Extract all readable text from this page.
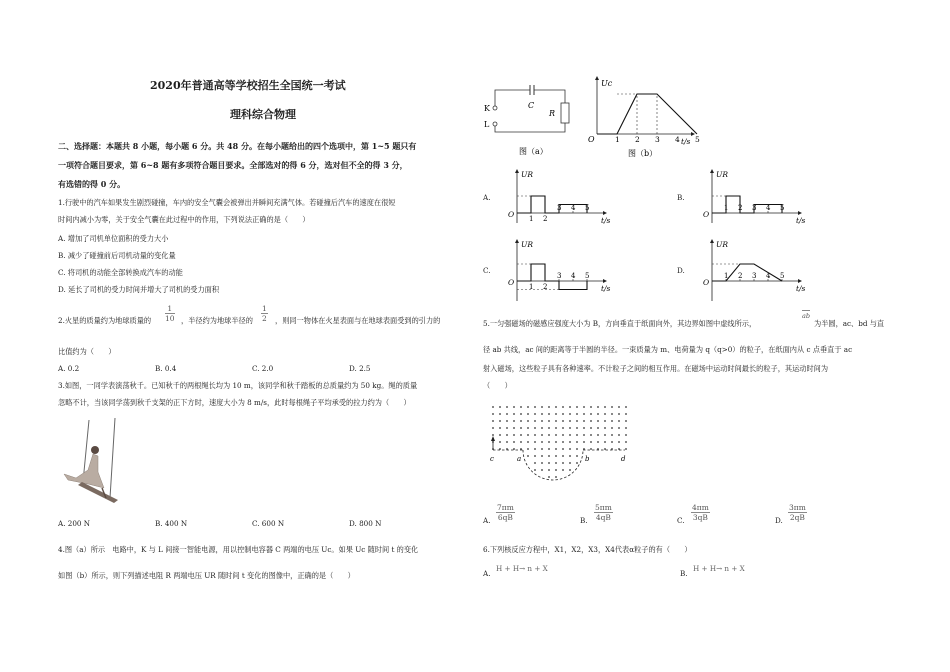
2020年普通高等学校招生全国统一考试
理科综合物理
二、选择题：本题共 8 小题，每小题 6 分。共 48 分。在每小题给出的四个选项中，第 1~5 题只有
一项符合题目要求，第 6~8 题有多项符合题目要求。全部选对的得 6 分，选对但不全的得 3 分，
有选错的得 0 分。
1.行驶中的汽车如果发生剧烈碰撞，车内的安全气囊会被弹出并瞬间充满气体。若碰撞后汽车的速度在很短
时间内减小为零，关于安全气囊在此过程中的作用，下列说法正确的是（　　）
A. 增加了司机单位面积的受力大小
B. 减少了碰撞前后司机动量的变化量
C. 将司机的动能全部转换成汽车的动能
D. 延长了司机的受力时间并增大了司机的受力面积
2.火星的质量约为地球质量的 $\frac{1}{10}$ ，半径约为地球半径的 $\frac{1}{2}$ ，则同一物体在火星表面与在地球表面受到的引力的
比值约为（　　）
A. 0.2	B. 0.4	C. 2.0	D. 2.5
3.如图，一同学表演荡秋千。已知秋千的两根绳长均为 10 m，该同学和秋千踏板的总质量约为 50 kg。绳的质量
忽略不计，当该同学荡到秋千支架的正下方时，速度大小为 8 m/s，此时每根绳子平均承受的拉力约为（　　）
A. 200 N	B. 400 N	C. 600 N	D. 800 N
4.图（a）所示　电路中，K 与 L 间接一智能电源，用以控制电容器 C 两端的电压 Uc。如果 Uc 随时间 t 的变化
如图（b）所示，则下列描述电阻 R 两端电压 UR 随时间 t 变化的图像中，正确的是（　　）
K
L
C
R
图（a）
Uc
O	t/s
1 2 3 4 5
图（b）
A.
UR
O
t/s
1 2
3 4 5
B.
UR
O
t/s
1 2 3 4 5
C.
UR
O
t/s
1 2
3 4 5
D.
UR
O
t/s
1 2 3 4 5
5.一匀强磁场的磁感应强度大小为 B，方向垂直于纸面向外，其边界如图中虚线所示，
ab
为半圆，ac、bd 与直
径 ab 共线，ac 间的距离等于半圆的半径。一束质量为 m、电荷量为 q（q>0）的粒子，在纸面内从 c 点垂直于 ac
射入磁场，这些粒子具有各种速率。不计粒子之间的相互作用。在磁场中运动时间最长的粒子，其运动时间为
（　　）
c	a	b	d
A. $\frac{7\pi m}{6qB}$	B. $\frac{5\pi m}{4qB}$	C. $\frac{4\pi m}{3qB}$	D. $\frac{3\pi m}{2qB}$
6.下列核反应方程中，X1，X2，X3，X4代表α粒子的有（　　）
A.
H + H→ n + X
B.
H + H→ n + X
